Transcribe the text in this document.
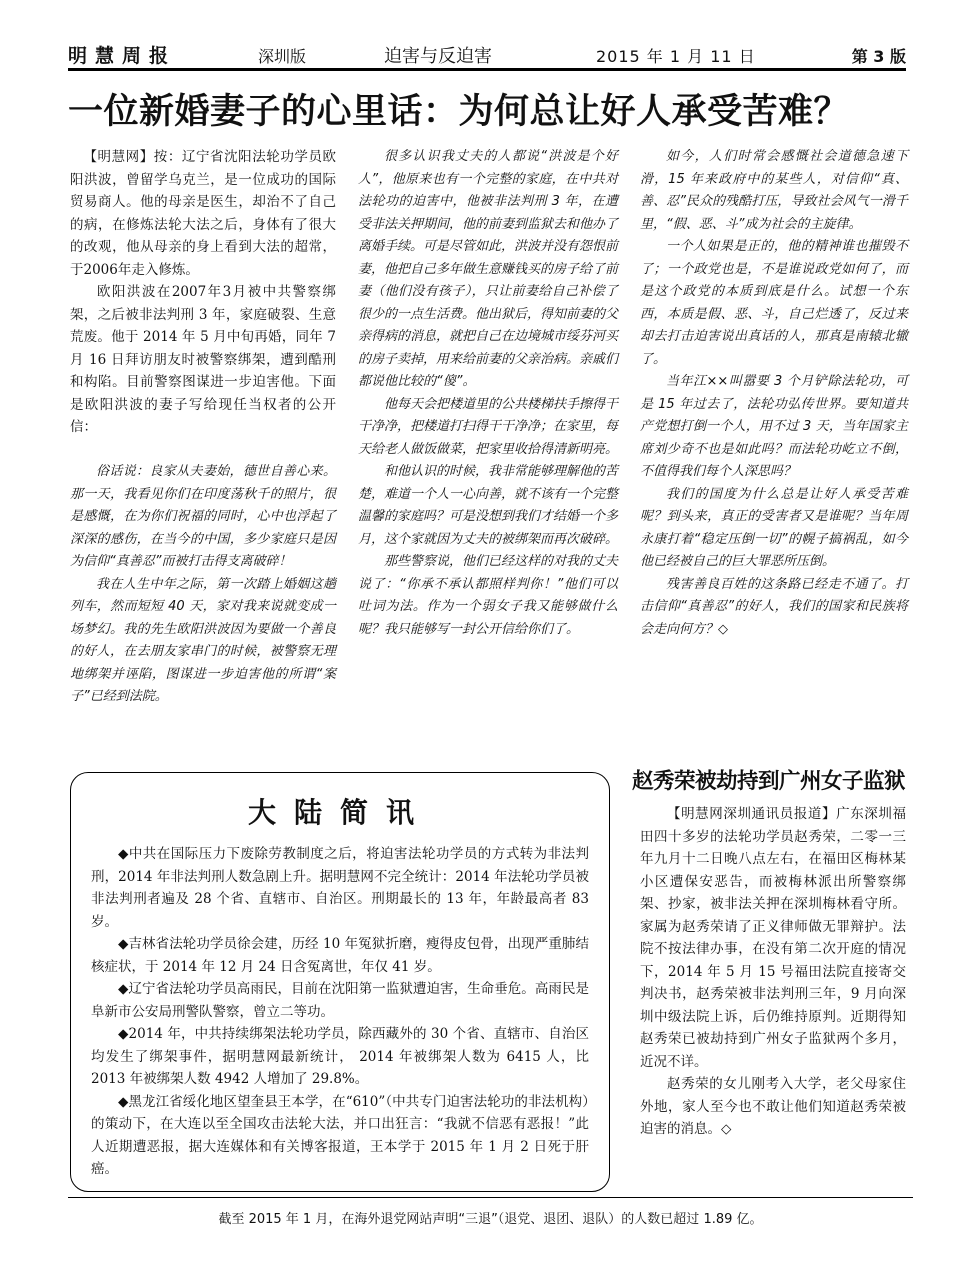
明慧周报	深圳版	迫害与反迫害	2015 年 1 月 11 日	第 3 版
一位新婚妻子的心里话：为何总让好人承受苦难？

【明慧网】按：辽宁省沈阳法轮功学员欧阳洪波，曾留学乌克兰，是一位成功的国际贸易商人。他的母亲是医生，却治不了自己的病，在修炼法轮大法之后，身体有了很大的改观，他从母亲的身上看到大法的超常，于2006年走入修炼。

欧阳洪波在2007年3月被中共警察绑架，之后被非法判刑 3 年，家庭破裂、生意荒废。他于 2014 年 5 月中旬再婚，同年 7 月 16 日拜访朋友时被警察绑架，遭到酷刑和构陷。目前警察图谋进一步迫害他。下面是欧阳洪波的妻子写给现任当权者的公开信：

俗话说：良家从夫妻始，德世自善心来。那一天，我看见你们在印度荡秋千的照片，很是感慨，在为你们祝福的同时，心中也浮起了深深的感伤，在当今的中国，多少家庭只是因为信仰“真善忍”而被打击得支离破碎！

我在人生中年之际，第一次踏上婚姻这趟列车，然而短短 40 天，家对我来说就变成一场梦幻。我的先生欧阳洪波因为要做一个善良的好人，在去朋友家串门的时候，被警察无理地绑架并诬陷，图谋进一步迫害他的所谓“案子”已经到法院。

很多认识我丈夫的人都说“洪波是个好人”，他原来也有一个完整的家庭，在中共对法轮功的迫害中，他被非法判刑 3 年，在遭受非法关押期间，他的前妻到监狱去和他办了离婚手续。可是尽管如此，洪波并没有怨恨前妻，他把自己多年做生意赚钱买的房子给了前妻（他们没有孩子），只让前妻给自己补偿了很少的一点生活费。他出狱后，得知前妻的父亲得病的消息，就把自己在边境城市绥芬河买的房子卖掉，用来给前妻的父亲治病。亲戚们都说他比较的“傻”。

他每天会把楼道里的公共楼梯扶手擦得干干净净，把楼道打扫得干干净净；在家里，每天给老人做饭做菜，把家里收拾得清新明亮。

和他认识的时候，我非常能够理解他的苦楚，难道一个人一心向善，就不该有一个完整温馨的家庭吗？可是没想到我们才结婚一个多月，这个家就因为丈夫的被绑架而再次破碎。

那些警察说，他们已经这样的对我的丈夫说了：“你承不承认都照样判你！”他们可以吐词为法。作为一个弱女子我又能够做什么呢？我只能够写一封公开信给你们了。

如今，人们时常会感慨社会道德急速下滑，15 年来政府中的某些人，对信仰“真、善、忍”民众的残酷打压，导致社会风气一滑千里，“假、恶、斗”成为社会的主旋律。

一个人如果是正的，他的精神谁也摧毁不了；一个政党也是，不是谁说政党如何了，而是这个政党的本质到底是什么。试想一个东西，本质是假、恶、斗，自己烂透了，反过来却去打击迫害说出真话的人，那真是南辕北辙了。

当年江××叫嚣要 3 个月铲除法轮功，可是 15 年过去了，法轮功弘传世界。要知道共产党想打倒一个人，用不过 3 天，当年国家主席刘少奇不也是如此吗？而法轮功屹立不倒，不值得我们每个人深思吗？

我们的国度为什么总是让好人承受苦难呢？到头来，真正的受害者又是谁呢？当年周永康打着“稳定压倒一切”的幌子搞祸乱，如今他已经被自己的巨大罪恶所压倒。

残害善良百姓的这条路已经走不通了。打击信仰“真善忍”的好人，我们的国家和民族将会走向何方？◇

大陆简讯

◆中共在国际压力下废除劳教制度之后，将迫害法轮功学员的方式转为非法判刑，2014 年非法判刑人数急剧上升。据明慧网不完全统计：2014 年法轮功学员被非法判刑者遍及 28 个省、直辖市、自治区。刑期最长的 13 年，年龄最高者 83 岁。

◆吉林省法轮功学员徐会建，历经 10 年冤狱折磨，瘦得皮包骨，出现严重肺结核症状，于 2014 年 12 月 24 日含冤离世，年仅 41 岁。

◆辽宁省法轮功学员高雨民，目前在沈阳第一监狱遭迫害，生命垂危。高雨民是阜新市公安局刑警队警察，曾立二等功。

◆2014 年，中共持续绑架法轮功学员，除西藏外的 30 个省、直辖市、自治区均发生了绑架事件，据明慧网最新统计， 2014 年被绑架人数为 6415 人，比 2013 年被绑架人数 4942 人增加了 29.8%。

◆黑龙江省绥化地区望奎县王本学，在“610”（中共专门迫害法轮功的非法机构）的策动下，在大连以至全国攻击法轮大法，并口出狂言：“我就不信恶有恶报！”此人近期遭恶报，据大连媒体和有关博客报道，王本学于 2015 年 1 月 2 日死于肝癌。

赵秀荣被劫持到广州女子监狱

【明慧网深圳通讯员报道】广东深圳福田四十多岁的法轮功学员赵秀荣，二零一三年九月十二日晚八点左右，在福田区梅林某小区遭保安恶告，而被梅林派出所警察绑架、抄家，被非法关押在深圳梅林看守所。家属为赵秀荣请了正义律师做无罪辩护。法院不按法律办事，在没有第二次开庭的情况下，2014 年 5 月 15 号福田法院直接寄交判决书，赵秀荣被非法判刑三年，9 月向深圳中级法院上诉，后仍维持原判。近期得知赵秀荣已被劫持到广州女子监狱两个多月，近况不详。

赵秀荣的女儿刚考入大学，老父母家住外地，家人至今也不敢让他们知道赵秀荣被迫害的消息。◇

截至 2015 年 1 月，在海外退党网站声明“三退”（退党、退团、退队）的人数已超过 1.89 亿。
